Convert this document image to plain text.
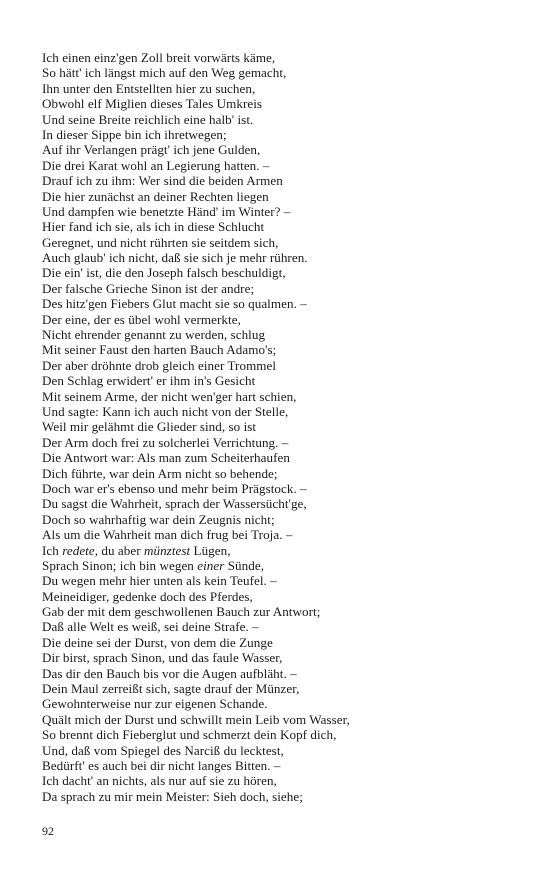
Ich einen einz'gen Zoll breit vorwärts käme,
So hätt' ich längst mich auf den Weg gemacht,
Ihn unter den Entstellten hier zu suchen,
Obwohl elf Miglien dieses Tales Umkreis
Und seine Breite reichlich eine halb' ist.
In dieser Sippe bin ich ihretwegen;
Auf ihr Verlangen prägt' ich jene Gulden,
Die drei Karat wohl an Legierung hatten. –
Drauf ich zu ihm: Wer sind die beiden Armen
Die hier zunächst an deiner Rechten liegen
Und dampfen wie benetzte Händ' im Winter? –
Hier fand ich sie, als ich in diese Schlucht
Geregnet, und nicht rührten sie seitdem sich,
Auch glaub' ich nicht, daß sie sich je mehr rühren.
Die ein' ist, die den Joseph falsch beschuldigt,
Der falsche Grieche Sinon ist der andre;
Des hitz'gen Fiebers Glut macht sie so qualmen. –
Der eine, der es übel wohl vermerkte,
Nicht ehrender genannt zu werden, schlug
Mit seiner Faust den harten Bauch Adamo's;
Der aber dröhnte drob gleich einer Trommel
Den Schlag erwidert' er ihm in's Gesicht
Mit seinem Arme, der nicht wen'ger hart schien,
Und sagte: Kann ich auch nicht von der Stelle,
Weil mir gelähmt die Glieder sind, so ist
Der Arm doch frei zu solcherlei Verrichtung. –
Die Antwort war: Als man zum Scheiterhaufen
Dich führte, war dein Arm nicht so behende;
Doch war er's ebenso und mehr beim Prägstock. –
Du sagst die Wahrheit, sprach der Wassersücht'ge,
Doch so wahrhaftig war dein Zeugnis nicht;
Als um die Wahrheit man dich frug bei Troja. –
Ich redete, du aber münztest Lügen,
Sprach Sinon; ich bin wegen einer Sünde,
Du wegen mehr hier unten als kein Teufel. –
Meineidiger, gedenke doch des Pferdes,
Gab der mit dem geschwollenen Bauch zur Antwort;
Daß alle Welt es weiß, sei deine Strafe. –
Die deine sei der Durst, von dem die Zunge
Dir birst, sprach Sinon, und das faule Wasser,
Das dir den Bauch bis vor die Augen aufbläht. –
Dein Maul zerreißt sich, sagte drauf der Münzer,
Gewohnterweise nur zur eigenen Schande.
Quält mich der Durst und schwillt mein Leib vom Wasser,
So brennt dich Fieberglut und schmerzt dein Kopf dich,
Und, daß vom Spiegel des Narciß du lecktest,
Bedürft' es auch bei dir nicht langes Bitten. –
Ich dacht' an nichts, als nur auf sie zu hören,
Da sprach zu mir mein Meister: Sieh doch, siehe;
92
